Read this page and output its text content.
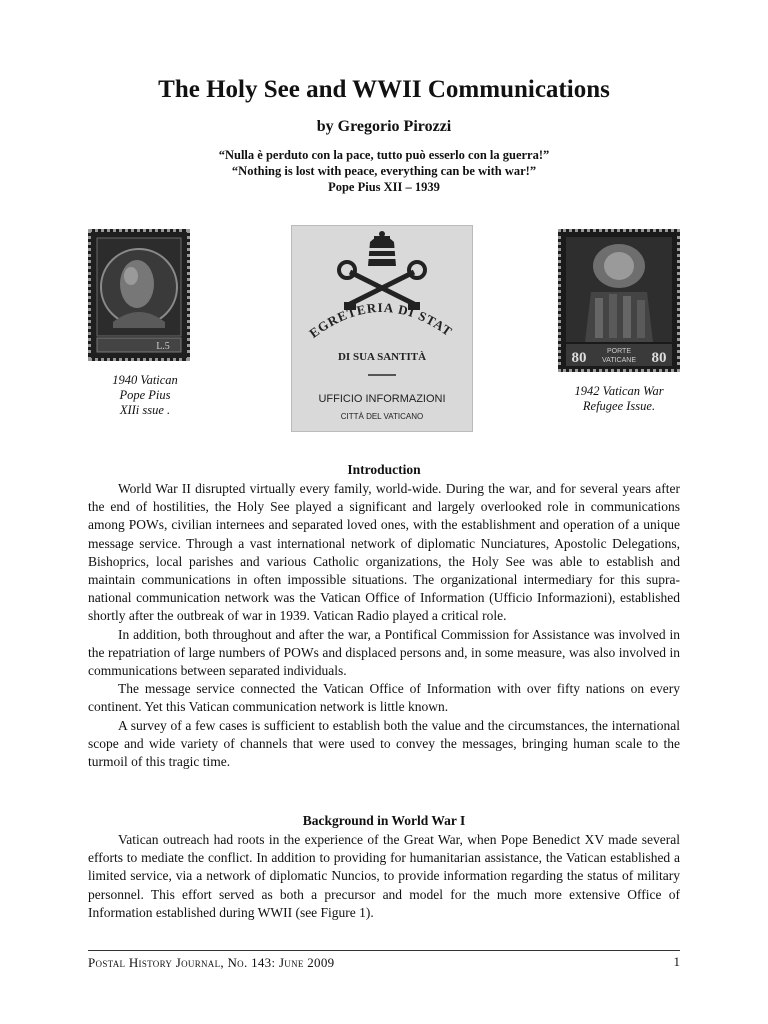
The Holy See and WWII Communications
by Gregorio Pirozzi
“Nulla è perduto con la pace, tutto può esserlo con la guerra!”
“Nothing is lost with peace, everything can be with war!”
Pope Pius XII – 1939
L.5
1940 Vatican
Pope Pius
XIIi ssue .
EGRETERIA DI STAT
DI SUA SANTITÀ
UFFICIO INFORMAZIONI
CITTÀ DEL VATICANO
80	80
PORTE
VATICANE
1942 Vatican War
Refugee Issue.
Introduction

World War II disrupted virtually every family, world-wide. During the war, and for several years after the end of hostilities, the Holy See played a significant and largely overlooked role in communications among POWs, civilian internees and separated loved ones, with the establishment and operation of a unique message service. Through a vast international network of diplomatic Nunciatures, Apostolic Delegations, Bishoprics, local parishes and various Catholic organizations, the Holy See was able to establish and maintain communications in often impossible situations. The organizational intermediary for this supra-national communication network was the Vatican Office of Information (Ufficio Informazioni), established shortly after the outbreak of war in 1939. Vatican Radio played a critical role.

In addition, both throughout and after the war, a Pontifical Commission for Assistance was involved in the repatriation of large numbers of POWs and displaced persons and, in some measure, was also involved in communications between separated individuals.

The message service connected the Vatican Office of Information with over fifty nations on every continent. Yet this Vatican communication network is little known.

A survey of a few cases is sufficient to establish both the value and the circumstances, the international scope and wide variety of channels that were used to convey the messages, bringing human scale to the turmoil of this tragic time.

Background in World War I

Vatican outreach had roots in the experience of the Great War, when Pope Benedict XV made several efforts to mediate the conflict. In addition to providing for humanitarian assistance, the Vatican established a limited service, via a network of diplomatic Nuncios, to provide information regarding the status of military personnel. This effort served as both a precursor and model for the much more extensive Office of Information established during WWII (see Figure 1).

Postal History Journal, No. 143: June 2009	1
